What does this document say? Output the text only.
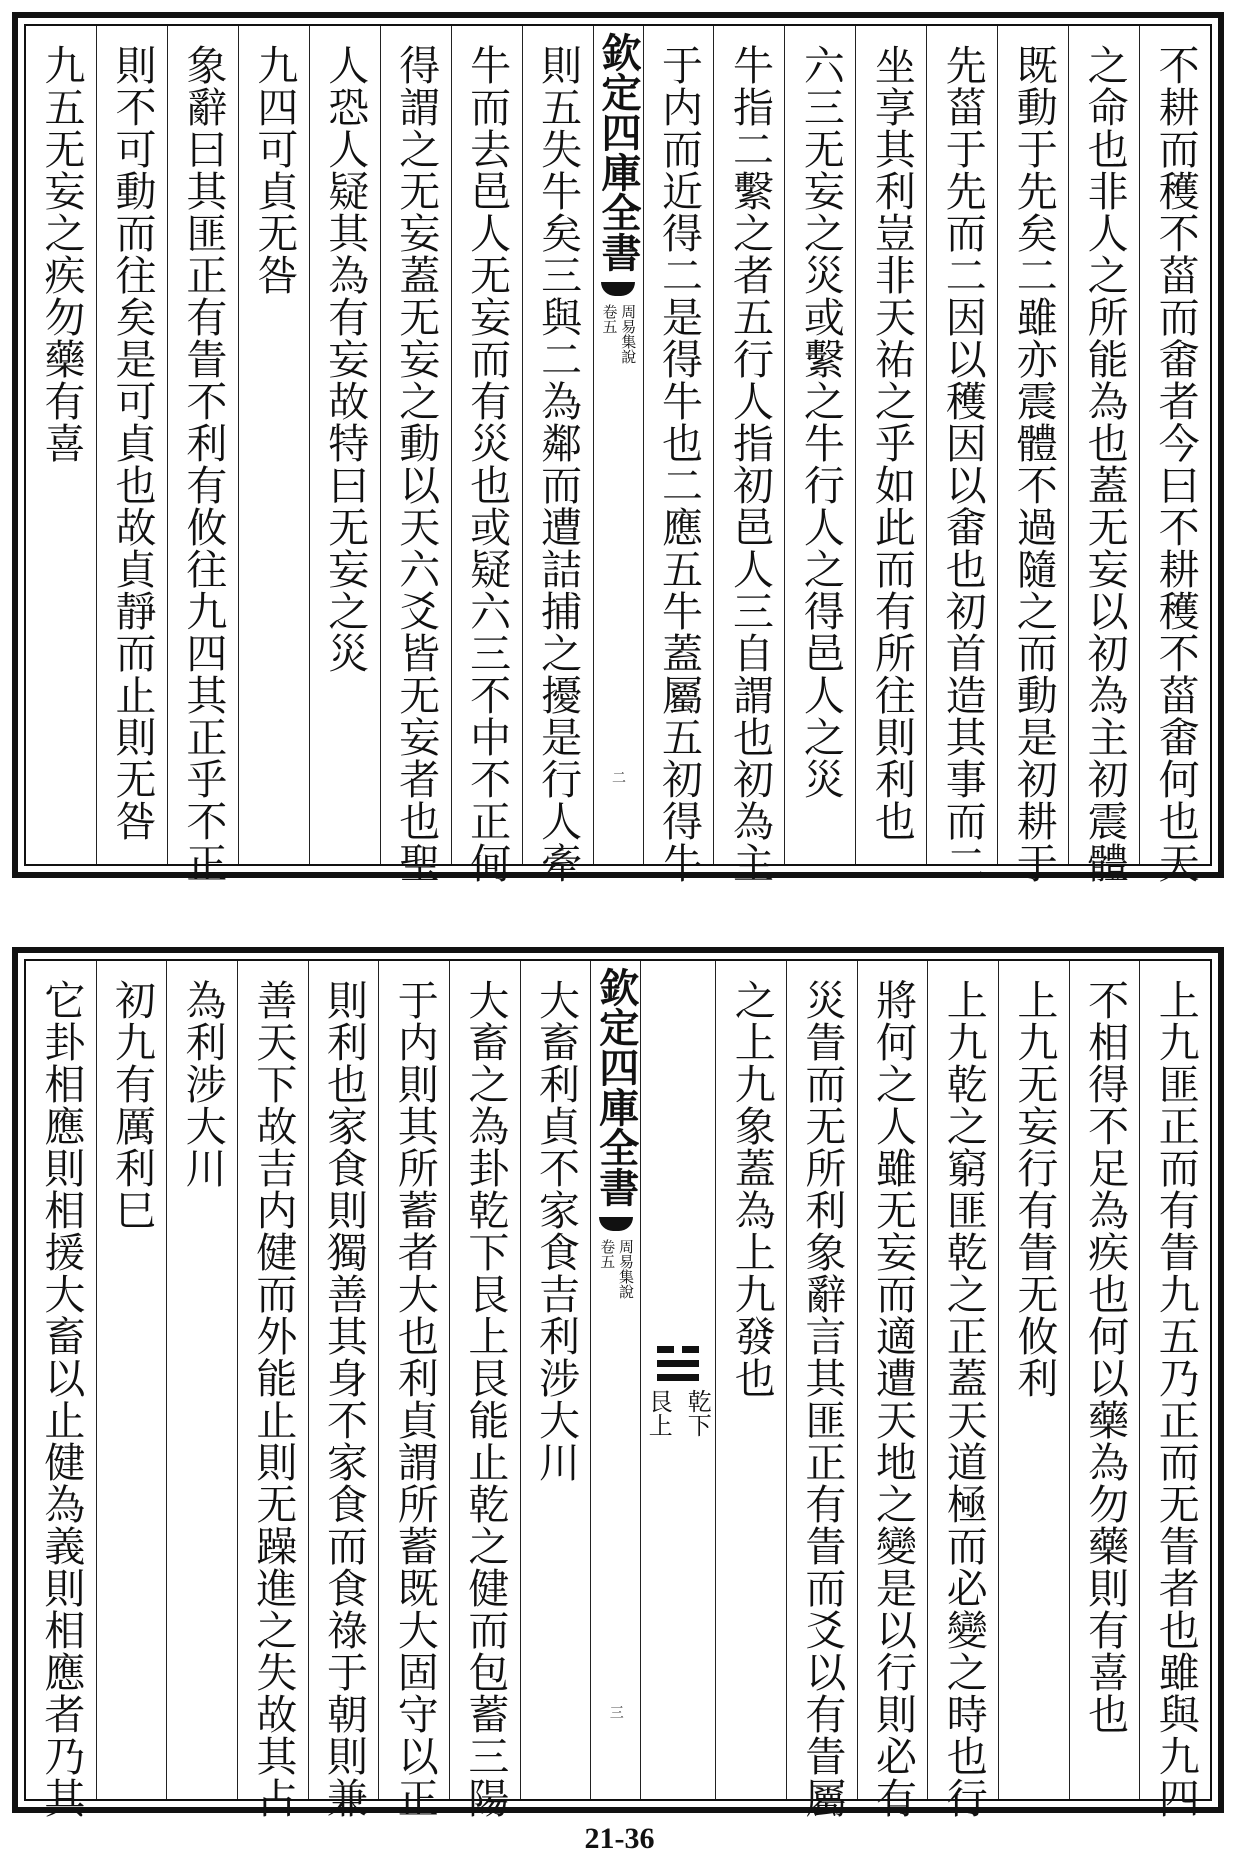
不耕而穫不菑而畬者今曰不耕穫不菑畬何也天
之命也非人之所能為也蓋无妄以初為主初震體
既動于先矣二雖亦震體不過隨之而動是初耕于
先菑于先而二因以穫因以畬也初首造其事而二
坐享其利豈非天祐之乎如此而有所往則利也
六三无妄之災或繫之牛行人之得邑人之災
牛指二繫之者五行人指初邑人三自謂也初為主
于内而近得二是得牛也二應五牛蓋屬五初得牛
欽定四庫全書
周易集說
卷五
二
則五失牛矣三與二為鄰而遭詰捕之擾是行人牽
牛而去邑人无妄而有災也或疑六三不中不正何
得謂之无妄蓋无妄之動以天六爻皆无妄者也聖
人恐人疑其為有妄故特曰无妄之災
九四可貞无咎
象辭曰其匪正有眚不利有攸往九四其正乎不正
則不可動而往矣是可貞也故貞靜而止則无咎
九五无妄之疾勿藥有喜
上九匪正而有眚九五乃正而无眚者也雖與九四
不相得不足為疾也何以藥為勿藥則有喜也
上九无妄行有眚无攸利
上九乾之窮匪乾之正蓋天道極而必變之時也行
將何之人雖无妄而適遭天地之變是以行則必有
災眚而无所利象辭言其匪正有眚而爻以有眚屬
之上九象蓋為上九發也
乾下
艮上
欽定四庫全書
周易集說
卷五
三
大畜利貞不家食吉利涉大川
大畜之為卦乾下艮上艮能止乾之健而包蓄三陽
于内則其所蓄者大也利貞謂所蓄既大固守以正
則利也家食則獨善其身不家食而食祿于朝則兼
善天下故吉内健而外能止則无躁進之失故其占
為利涉大川
初九有厲利巳
它卦相應則相援大畜以止健為義則相應者乃其
21-36
